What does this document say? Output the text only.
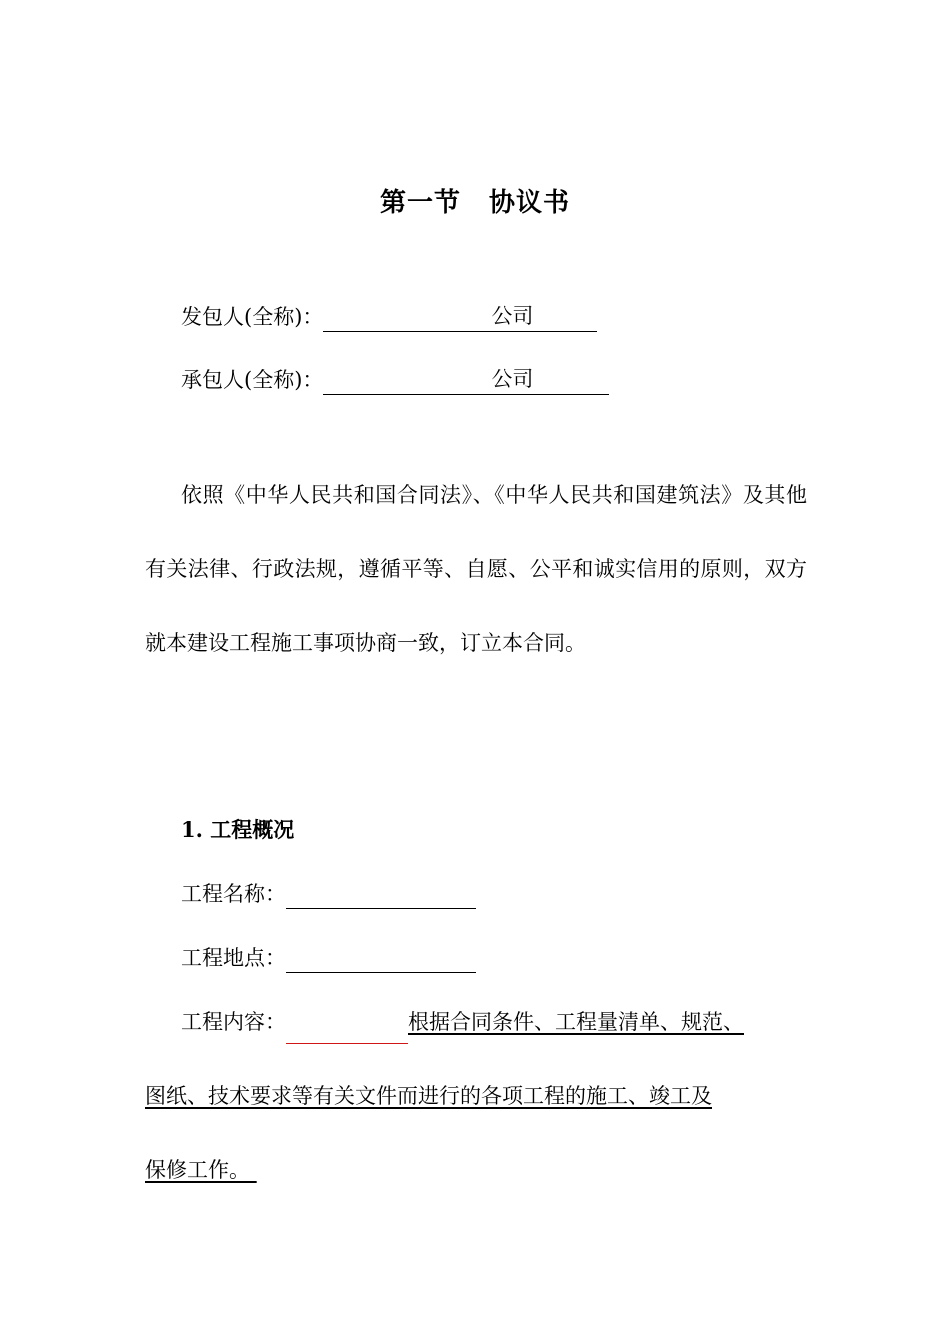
第一节 协议书
发包人(全称)：	公司
承包人(全称)：	公司
依照《中华人民共和国合同法》、《中华人民共和国建筑法》及其他有关法律、行政法规，遵循平等、自愿、公平和诚实信用的原则，双方就本建设工程施工事项协商一致，订立本合同。
1. 工程概况
工程名称：
工程地点：
工程内容：	根据合同条件、工程量清单、规范、
图纸、技术要求等有关文件而进行的各项工程的施工、竣工及
保修工作。
